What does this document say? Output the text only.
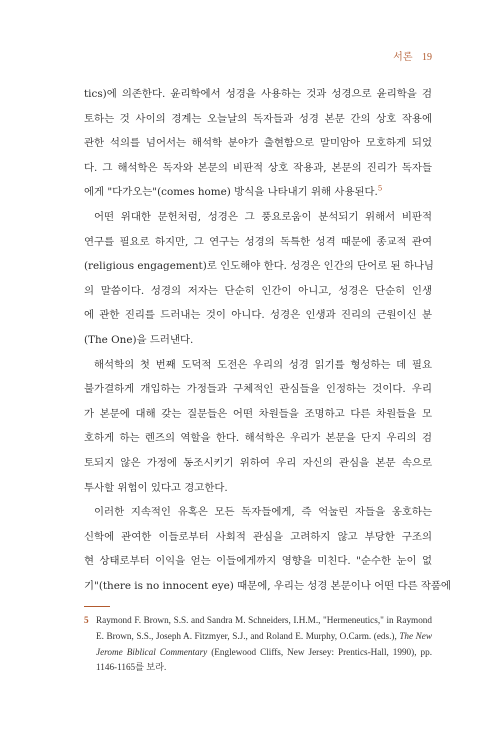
서론 19
tics)에 의존한다. 윤리학에서 성경을 사용하는 것과 성경으로 윤리학을 검
토하는 것 사이의 경계는 오늘날의 독자들과 성경 본문 간의 상호 작용에
관한 석의를 넘어서는 해석학 분야가 출현함으로 말미암아 모호하게 되었
다. 그 해석학은 독자와 본문의 비판적 상호 작용과, 본문의 진리가 독자들
에게 "다가오는"(comes home) 방식을 나타내기 위해 사용된다.$^5$
어떤 위대한 문헌처럼, 성경은 그 풍요로움이 분석되기 위해서 비판적
연구를 필요로 하지만, 그 연구는 성경의 독특한 성격 때문에 종교적 관여
(religious engagement)로 인도해야 한다. 성경은 인간의 단어로 된 하나님
의 말씀이다. 성경의 저자는 단순히 인간이 아니고, 성경은 단순히 인생
에 관한 진리를 드러내는 것이 아니다. 성경은 인생과 진리의 근원이신 분
(The One)을 드러낸다.
해석학의 첫 번째 도덕적 도전은 우리의 성경 읽기를 형성하는 데 필요
불가결하게 개입하는 가정들과 구체적인 관심들을 인정하는 것이다. 우리
가 본문에 대해 갖는 질문들은 어떤 차원들을 조명하고 다른 차원들을 모
호하게 하는 렌즈의 역할을 한다. 해석학은 우리가 본문을 단지 우리의 검
토되지 않은 가정에 동조시키기 위하여 우리 자신의 관심을 본문 속으로
투사할 위험이 있다고 경고한다.
이러한 지속적인 유혹은 모든 독자들에게, 즉 억눌린 자들을 옹호하는
신학에 관여한 이들로부터 사회적 관심을 고려하지 않고 부당한 구조의
현 상태로부터 이익을 얻는 이들에게까지 영향을 미친다. "순수한 눈이 없
기"(there is no innocent eye) 때문에, 우리는 성경 본문이나 어떤 다른 작품에
5 Raymond F. Brown, S.S. and Sandra M. Schneiders, I.H.M., "Hermeneutics," in Raymond
E. Brown, S.S., Joseph A. Fitzmyer, S.J., and Roland E. Murphy, O.Carm. (eds.), The New
Jerome Biblical Commentary (Englewood Cliffs, New Jersey: Prentics-Hall, 1990), pp.
1146-1165를 보라.
